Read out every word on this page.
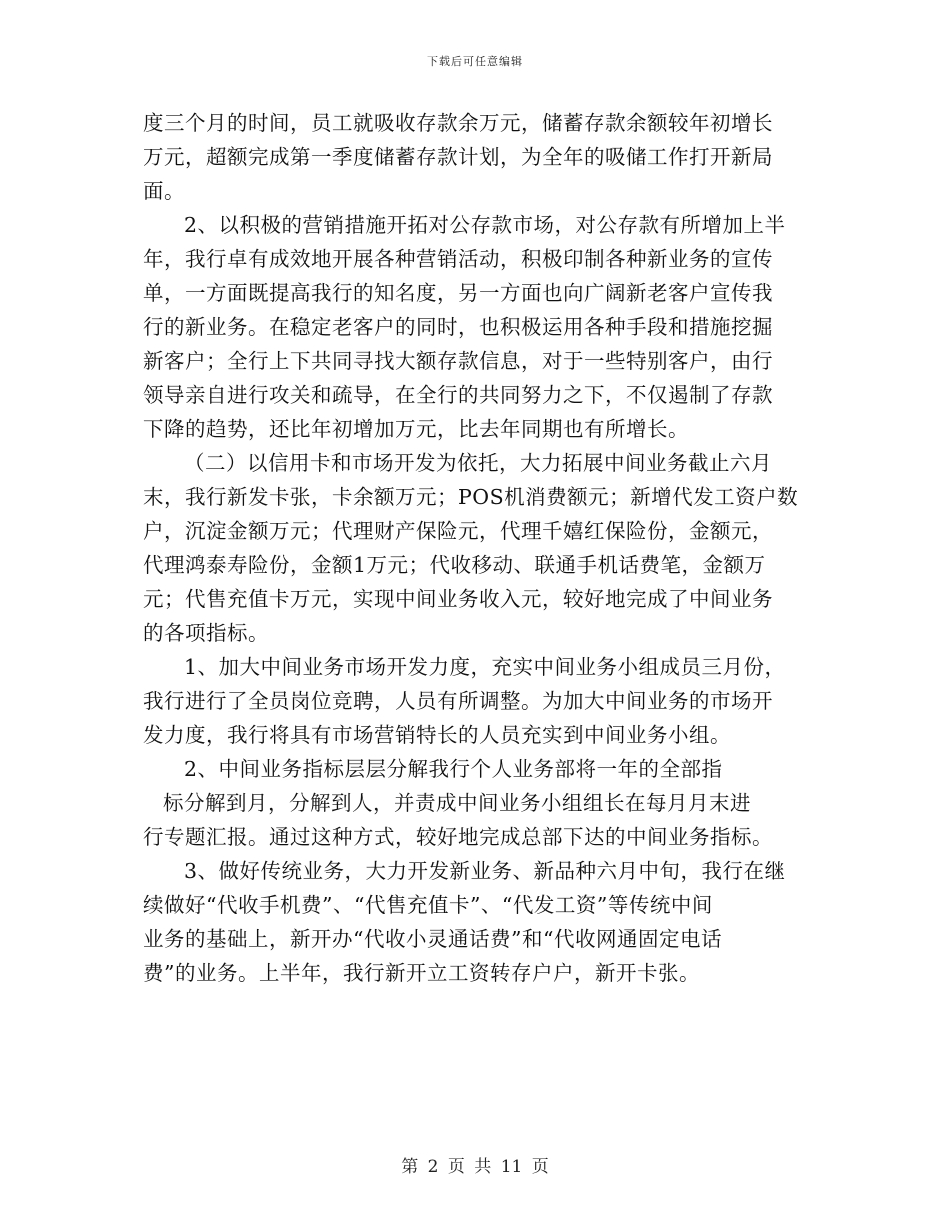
下载后可任意编辑
度三个月的时间，员工就吸收存款余万元，储蓄存款余额较年初增长
万元，超额完成第一季度储蓄存款计划，为全年的吸储工作打开新局
面。
2、以积极的营销措施开拓对公存款市场，对公存款有所增加上半
年，我行卓有成效地开展各种营销活动，积极印制各种新业务的宣传
单，一方面既提高我行的知名度，另一方面也向广阔新老客户宣传我
行的新业务。在稳定老客户的同时，也积极运用各种手段和措施挖掘
新客户；全行上下共同寻找大额存款信息，对于一些特别客户，由行
领导亲自进行攻关和疏导，在全行的共同努力之下，不仅遏制了存款
下降的趋势，还比年初增加万元，比去年同期也有所增长。
（二）以信用卡和市场开发为依托，大力拓展中间业务截止六月
末，我行新发卡张，卡余额万元；POS机消费额元；新增代发工资户数
户，沉淀金额万元；代理财产保险元，代理千嬉红保险份，金额元，
代理鸿泰寿险份，金额1万元；代收移动、联通手机话费笔，金额万
元；代售充值卡万元，实现中间业务收入元，较好地完成了中间业务
的各项指标。
1、加大中间业务市场开发力度，充实中间业务小组成员三月份，
我行进行了全员岗位竞聘，人员有所调整。为加大中间业务的市场开
发力度，我行将具有市场营销特长的人员充实到中间业务小组。
2、中间业务指标层层分解我行个人业务部将一年的全部指
标分解到月，分解到人，并责成中间业务小组组长在每月月末进
行专题汇报。通过这种方式，较好地完成总部下达的中间业务指标。
3、做好传统业务，大力开发新业务、新品种六月中旬，我行在继
续做好“代收手机费”、“代售充值卡”、“代发工资”等传统中间
业务的基础上，新开办“代收小灵通话费”和“代收网通固定电话
费”的业务。上半年，我行新开立工资转存户户，新开卡张。
第 2 页 共 11 页
